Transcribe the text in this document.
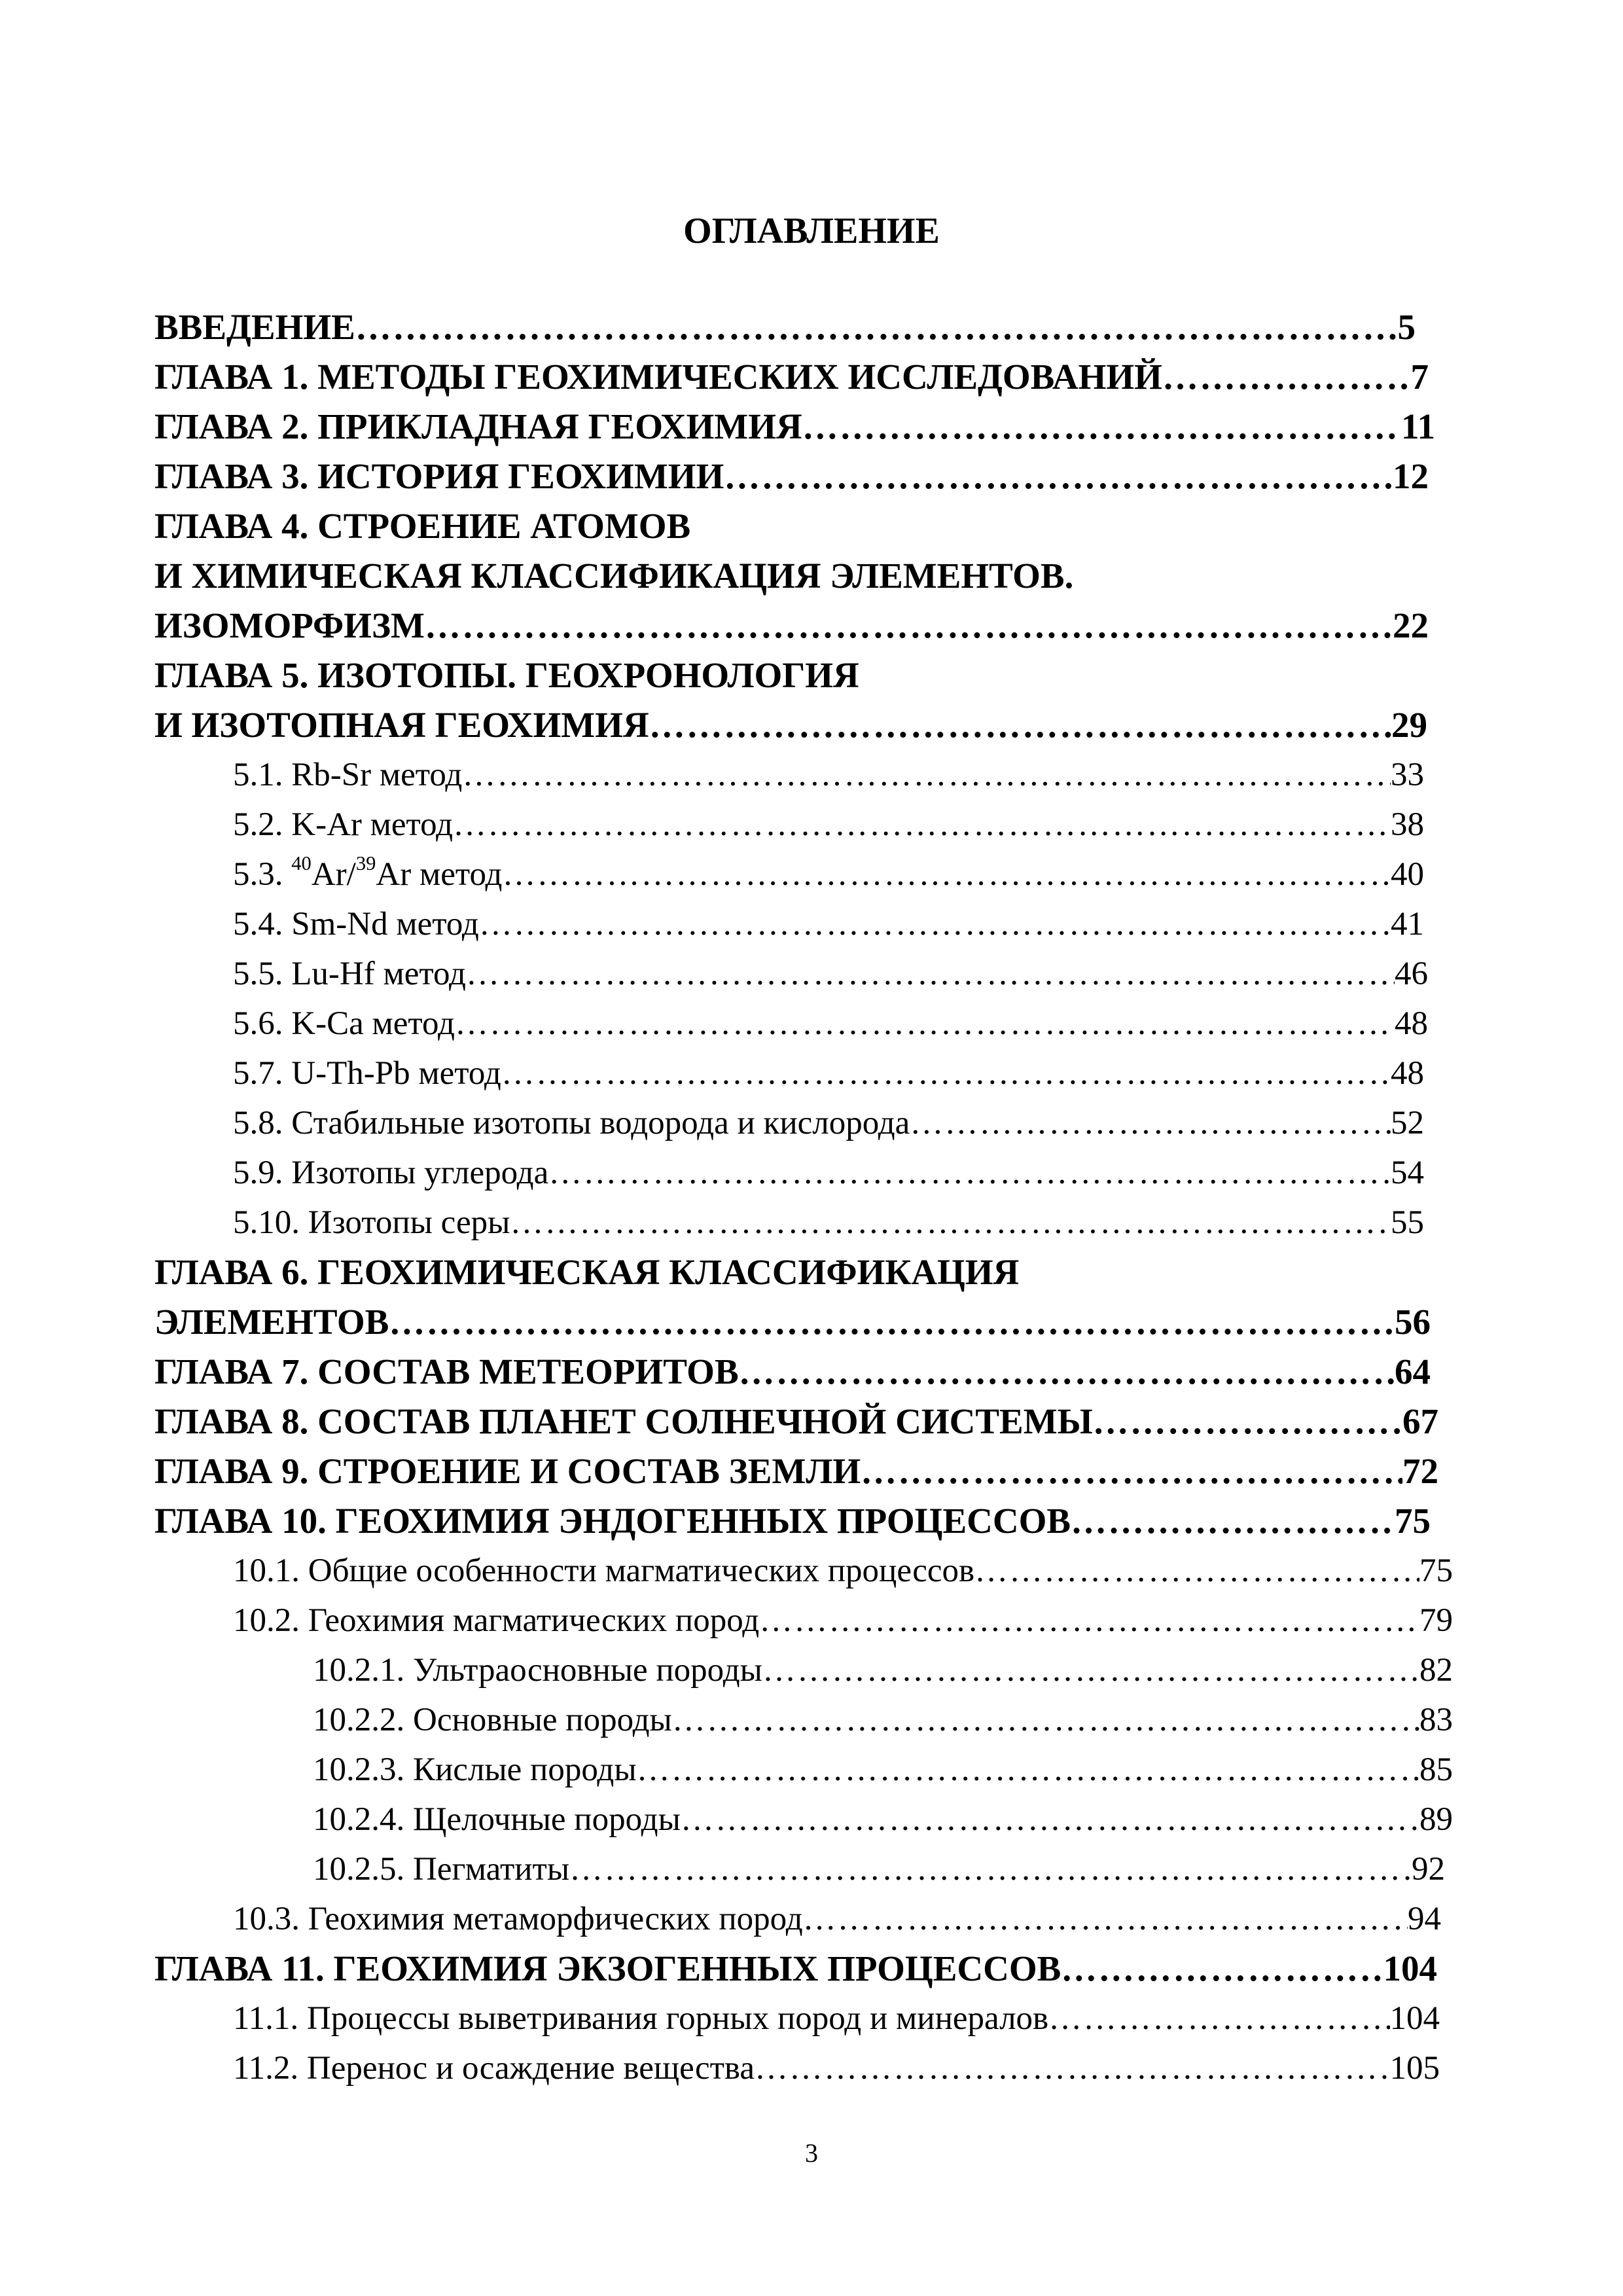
ОГЛАВЛЕНИЕ
ВВЕДЕНИЕ ……………………………………………………………………………………………………………………………………………………………………………………………	5
ГЛАВА 1. МЕТОДЫ ГЕОХИМИЧЕСКИХ ИССЛЕДОВАНИЙ ……………………………………………………………………………………………………………………………………………………………………………………………	7
ГЛАВА 2. ПРИКЛАДНАЯ ГЕОХИМИЯ ……………………………………………………………………………………………………………………………………………………………………………………………	11
ГЛАВА 3. ИСТОРИЯ ГЕОХИМИИ ……………………………………………………………………………………………………………………………………………………………………………………………	12
ГЛАВА 4. СТРОЕНИЕ АТОМОВ
И ХИМИЧЕСКАЯ КЛАССИФИКАЦИЯ ЭЛЕМЕНТОВ.
ИЗОМОРФИЗМ ……………………………………………………………………………………………………………………………………………………………………………………………	22
ГЛАВА 5. ИЗОТОПЫ. ГЕОХРОНОЛОГИЯ
И ИЗОТОПНАЯ ГЕОХИМИЯ ……………………………………………………………………………………………………………………………………………………………………………………………	29
5.1. Rb-Sr метод ……………………………………………………………………………………………………………………………………………………………………………………………	33
5.2. K-Ar метод ……………………………………………………………………………………………………………………………………………………………………………………………	38
5.3. $^{40}$Ar/$^{39}$Ar метод ……………………………………………………………………………………………………………………………………………………………………………………………	40
5.4. Sm-Nd метод ……………………………………………………………………………………………………………………………………………………………………………………………	41
5.5. Lu-Hf метод ……………………………………………………………………………………………………………………………………………………………………………………………	46
5.6. K-Ca метод ……………………………………………………………………………………………………………………………………………………………………………………………	48
5.7. U-Th-Pb метод ……………………………………………………………………………………………………………………………………………………………………………………………	48
5.8. Стабильные изотопы водорода и кислорода ……………………………………………………………………………………………………………………………………………………………………………………………	52
5.9. Изотопы углерода ……………………………………………………………………………………………………………………………………………………………………………………………	54
5.10. Изотопы серы ……………………………………………………………………………………………………………………………………………………………………………………………	55
ГЛАВА 6. ГЕОХИМИЧЕСКАЯ КЛАССИФИКАЦИЯ
ЭЛЕМЕНТОВ ……………………………………………………………………………………………………………………………………………………………………………………………	56
ГЛАВА 7. СОСТАВ МЕТЕОРИТОВ ……………………………………………………………………………………………………………………………………………………………………………………………	64
ГЛАВА 8. СОСТАВ ПЛАНЕТ СОЛНЕЧНОЙ СИСТЕМЫ ……………………………………………………………………………………………………………………………………………………………………………………………	67
ГЛАВА 9. СТРОЕНИЕ И СОСТАВ ЗЕМЛИ ……………………………………………………………………………………………………………………………………………………………………………………………	72
ГЛАВА 10. ГЕОХИМИЯ ЭНДОГЕННЫХ ПРОЦЕССОВ ……………………………………………………………………………………………………………………………………………………………………………………………	75
10.1. Общие особенности магматических процессов ……………………………………………………………………………………………………………………………………………………………………………………………	75
10.2. Геохимия магматических пород ……………………………………………………………………………………………………………………………………………………………………………………………	79
10.2.1. Ультраосновные породы ……………………………………………………………………………………………………………………………………………………………………………………………	82
10.2.2. Основные породы ……………………………………………………………………………………………………………………………………………………………………………………………	83
10.2.3. Кислые породы ……………………………………………………………………………………………………………………………………………………………………………………………	85
10.2.4. Щелочные породы ……………………………………………………………………………………………………………………………………………………………………………………………	89
10.2.5. Пегматиты ……………………………………………………………………………………………………………………………………………………………………………………………	92
10.3. Геохимия метаморфических пород ……………………………………………………………………………………………………………………………………………………………………………………………	94
ГЛАВА 11. ГЕОХИМИЯ ЭКЗОГЕННЫХ ПРОЦЕССОВ ……………………………………………………………………………………………………………………………………………………………………………………………	104
11.1. Процессы выветривания горных пород и минералов ……………………………………………………………………………………………………………………………………………………………………………………………	104
11.2. Перенос и осаждение вещества ……………………………………………………………………………………………………………………………………………………………………………………………	105
3
